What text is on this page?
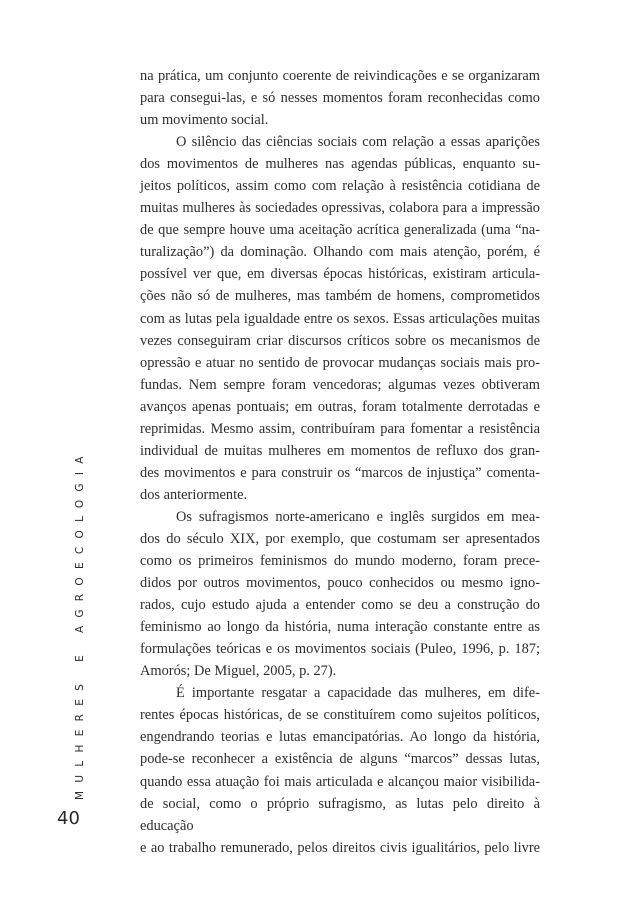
MULHERESEAGROECOLOGIA
40

na prática, um conjunto coerente de reivindicações e se organizaram

para consegui-las, e só nesses momentos foram reconhecidas como

um movimento social.

O silêncio das ciências sociais com relação a essas aparições

dos movimentos de mulheres nas agendas públicas, enquanto su-

jeitos políticos, assim como com relação à resistência cotidiana de

muitas mulheres às sociedades opressivas, colabora para a impressão

de que sempre houve uma aceitação acrítica generalizada (uma “na-

turalização”) da dominação. Olhando com mais atenção, porém, é

possível ver que, em diversas épocas históricas, existiram articula-

ções não só de mulheres, mas também de homens, comprometidos

com as lutas pela igualdade entre os sexos. Essas articulações muitas

vezes conseguiram criar discursos críticos sobre os mecanismos de

opressão e atuar no sentido de provocar mudanças sociais mais pro-

fundas. Nem sempre foram vencedoras; algumas vezes obtiveram

avanços apenas pontuais; em outras, foram totalmente derrotadas e

reprimidas. Mesmo assim, contribuíram para fomentar a resistência

individual de muitas mulheres em momentos de refluxo dos gran-

des movimentos e para construir os “marcos de injustiça” comenta-

dos anteriormente.

Os sufragismos norte-americano e inglês surgidos em mea-

dos do século XIX, por exemplo, que costumam ser apresentados

como os primeiros feminismos do mundo moderno, foram prece-

didos por outros movimentos, pouco conhecidos ou mesmo igno-

rados, cujo estudo ajuda a entender como se deu a construção do

feminismo ao longo da história, numa interação constante entre as

formulações teóricas e os movimentos sociais (Puleo, 1996, p. 187;

Amorós; De Miguel, 2005, p. 27).

É importante resgatar a capacidade das mulheres, em dife-

rentes épocas históricas, de se constituírem como sujeitos políticos,

engendrando teorias e lutas emancipatórias. Ao longo da história,

pode-se reconhecer a existência de alguns “marcos” dessas lutas,

quando essa atuação foi mais articulada e alcançou maior visibilida-

de social, como o próprio sufragismo, as lutas pelo direito à educação

e ao trabalho remunerado, pelos direitos civis igualitários, pelo livre
